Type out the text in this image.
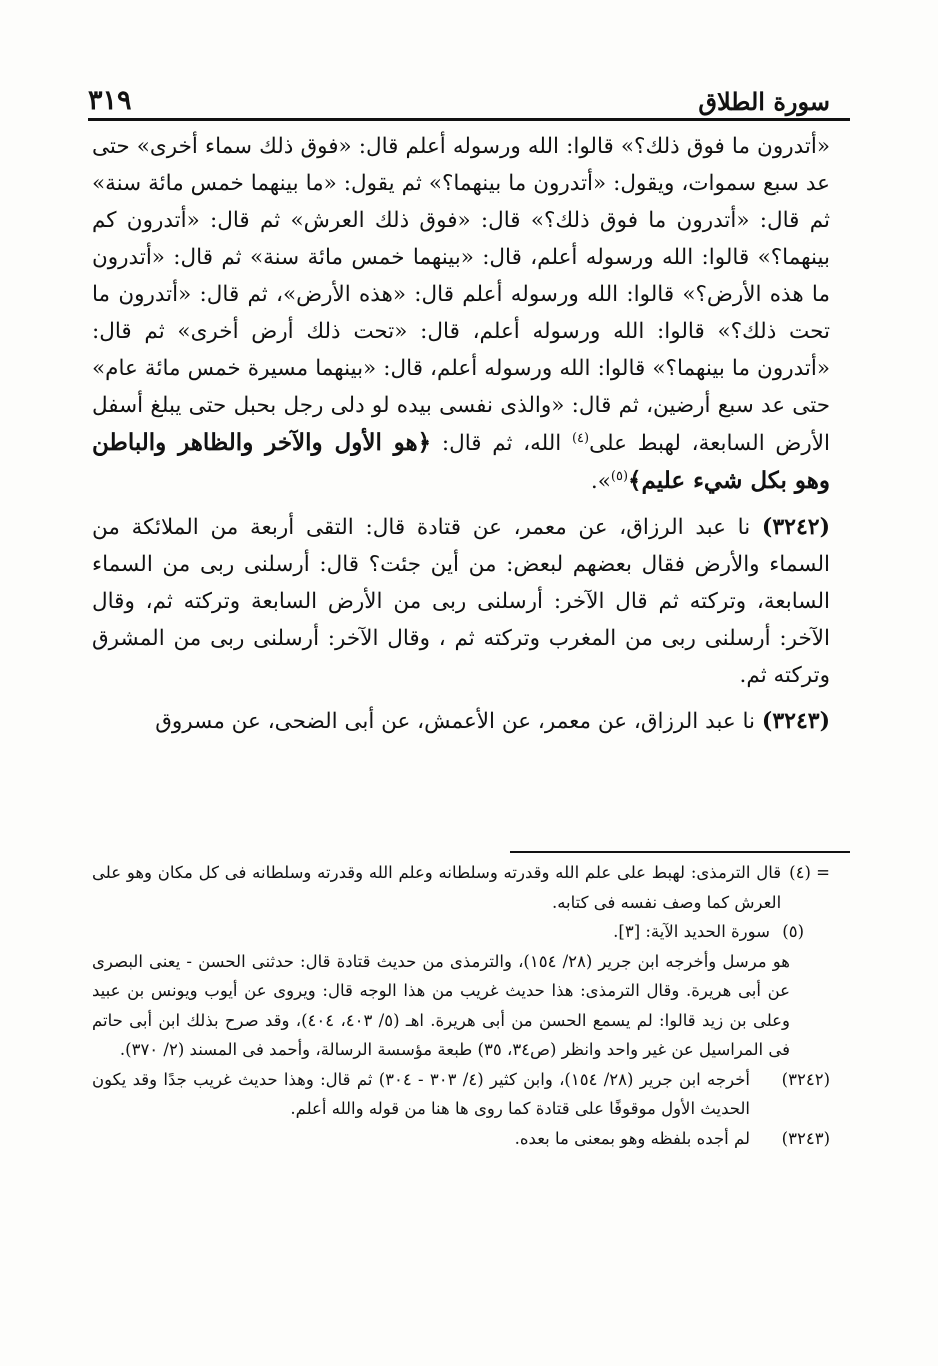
سورة الطلاق
٣١٩

«أتدرون ما فوق ذلك؟» قالوا: الله ورسوله أعلم قال: «فوق ذلك سماء أخرى» حتى عد سبع سموات، ويقول: «أتدرون ما بينهما؟» ثم يقول: «ما بينهما خمس مائة سنة» ثم قال: «أتدرون ما فوق ذلك؟» قال: «فوق ذلك العرش» ثم قال: «أتدرون كم بينهما؟» قالوا: الله ورسوله أعلم، قال: «بينهما خمس مائة سنة» ثم قال: «أتدرون ما هذه الأرض؟» قالوا: الله ورسوله أعلم قال: «هذه الأرض»، ثم قال: «أتدرون ما تحت ذلك؟» قالوا: الله ورسوله أعلم، قال: «تحت ذلك أرض أخرى» ثم قال: «أتدرون ما بينهما؟» قالوا: الله ورسوله أعلم، قال: «بينهما مسيرة خمس مائة عام» حتى عد سبع أرضين، ثم قال: «والذى نفسى بيده لو دلى رجل بحبل حتى يبلغ أسفل الأرض السابعة، لهبط على$^{(٤)}$ الله، ثم قال: ﴿هو الأول والآخر والظاهر والباطن وهو بكل شيء عليم﴾$^{(٥)}$».

(٣٢٤٢) نا عبد الرزاق، عن معمر، عن قتادة قال: التقى أربعة من الملائكة من السماء والأرض فقال بعضهم لبعض: من أين جئت؟ قال: أرسلنى ربى من السماء السابعة، وتركته ثم قال الآخر: أرسلنى ربى من الأرض السابعة وتركته ثم، وقال الآخر: أرسلنى ربى من المغرب وتركته ثم ، وقال الآخر: أرسلنى ربى من المشرق وتركته ثم.

(٣٢٤٣) نا عبد الرزاق، عن معمر، عن الأعمش، عن أبى الضحى، عن مسروق

= (٤)
قال الترمذى: لهبط على علم الله وقدرته وسلطانه وعلم الله وقدرته وسلطانه فى كل مكان وهو على العرش كما وصف نفسه فى كتابه.
(٥)
سورة الحديد الآية: [٣].
هو مرسل وأخرجه ابن جرير (٢٨/ ١٥٤)، والترمذى من حديث قتادة قال: حدثنى الحسن - يعنى البصرى عن أبى هريرة. وقال الترمذى: هذا حديث غريب من هذا الوجه قال: ويروى عن أيوب ويونس بن عبيد وعلى بن زيد قالوا: لم يسمع الحسن من أبى هريرة. اهـ (٥/ ٤٠٣، ٤٠٤)، وقد صرح بذلك ابن أبى حاتم فى المراسيل عن غير واحد وانظر (ص٣٤، ٣٥) طبعة مؤسسة الرسالة، وأحمد فى المسند (٢/ ٣٧٠).
(٣٢٤٢)
أخرجه ابن جرير (٢٨/ ١٥٤)، وابن كثير (٤/ ٣٠٣ - ٣٠٤) ثم قال: وهذا حديث غريب جدًا وقد يكون الحديث الأول موقوفًا على قتادة كما روى ها هنا من قوله والله أعلم.
(٣٢٤٣)
لم أجده بلفظه وهو بمعنى ما بعده.
